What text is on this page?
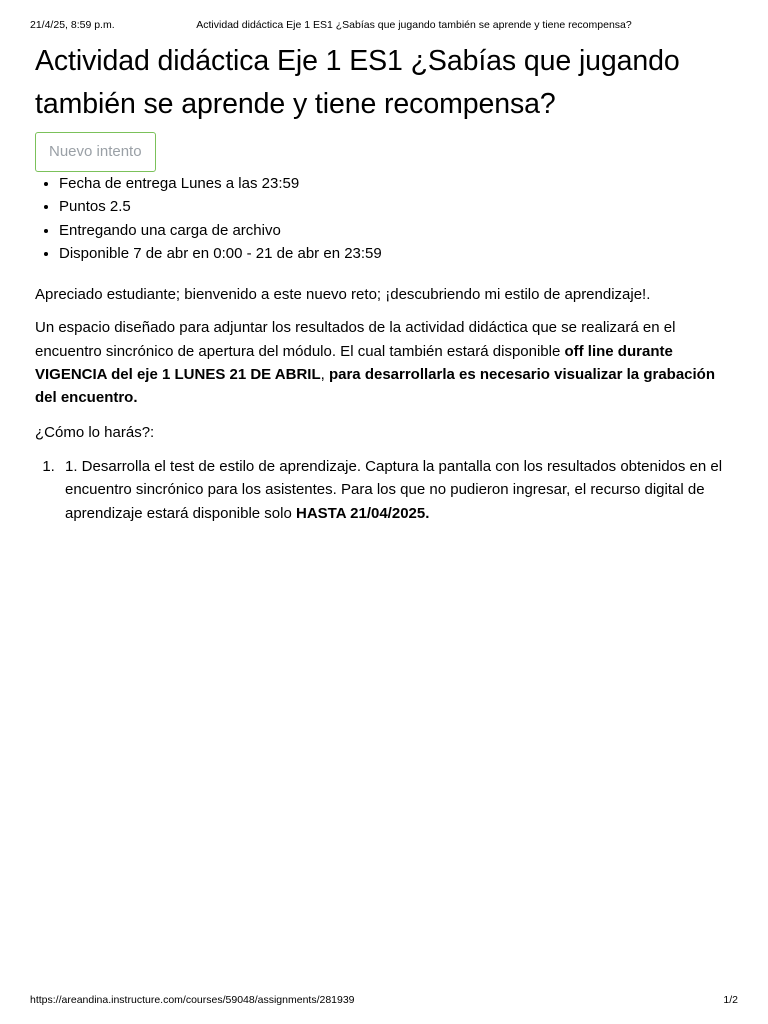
21/4/25, 8:59 p.m.	Actividad didáctica Eje 1 ES1 ¿Sabías que jugando también se aprende y tiene recompensa?
Actividad didáctica Eje 1 ES1 ¿Sabías que jugando también se aprende y tiene recompensa?
Nuevo intento
• Fecha de entrega Lunes a las 23:59
• Puntos 2.5
• Entregando una carga de archivo
• Disponible 7 de abr en 0:00 - 21 de abr en 23:59

Apreciado estudiante; bienvenido a este nuevo reto; ¡descubriendo mi estilo de aprendizaje!.

Un espacio diseñado para adjuntar los resultados de la actividad didáctica que se realizará en el encuentro sincrónico de apertura del módulo. El cual también estará disponible off line durante VIGENCIA del eje 1 LUNES 21 DE ABRIL, para desarrollarla es necesario visualizar la grabación del encuentro.

¿Cómo lo harás?:

1. 1. Desarrolla el test de estilo de aprendizaje. Captura la pantalla con los resultados obtenidos en el encuentro sincrónico para los asistentes. Para los que no pudieron ingresar, el recurso digital de aprendizaje estará disponible solo HASTA 21/04/2025.
https://areandina.instructure.com/courses/59048/assignments/281939	1/2
